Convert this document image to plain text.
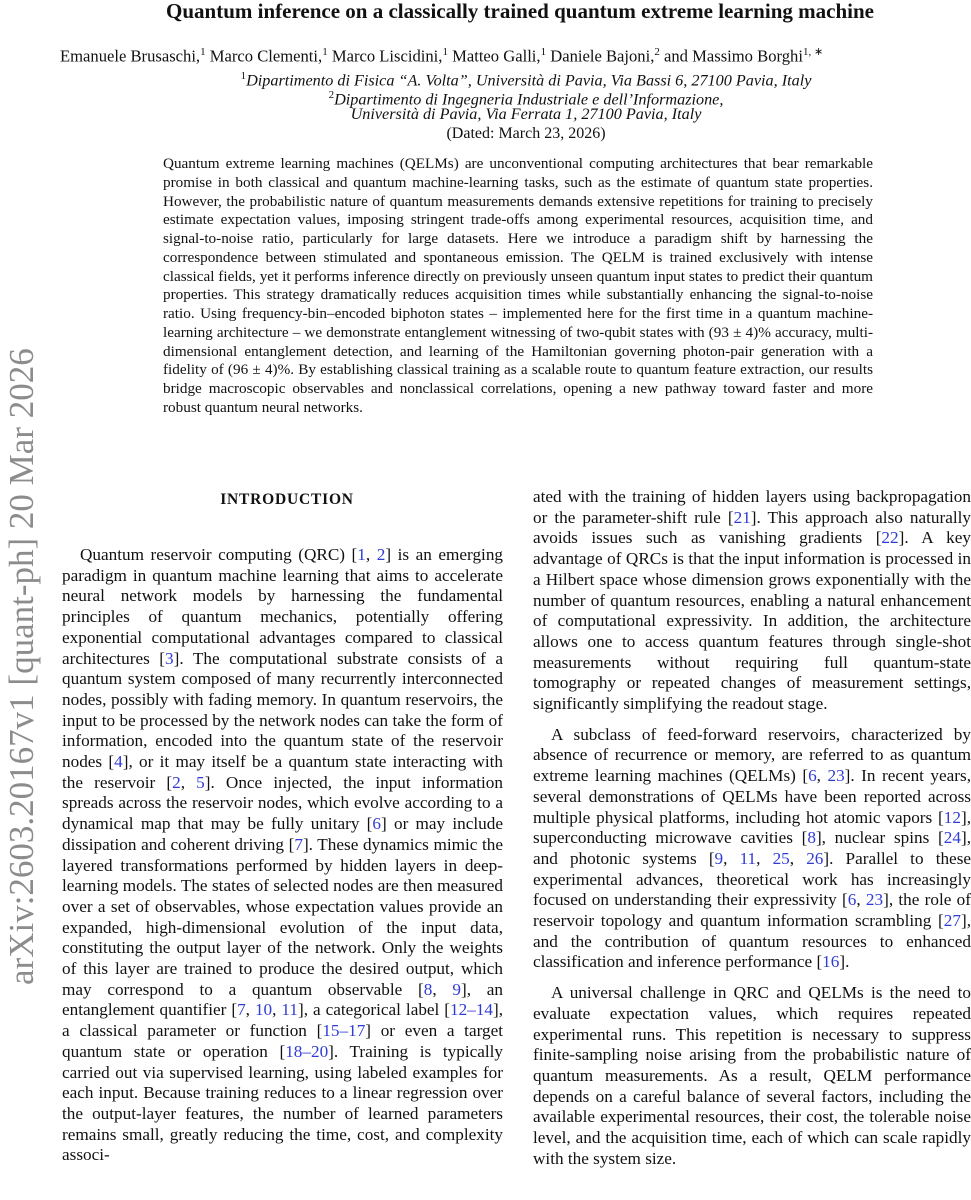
arXiv:2603.20167v1 [quant-ph] 20 Mar 2026
Quantum inference on a classically trained quantum extreme learning machine
Emanuele Brusaschi,$^1$ Marco Clementi,$^1$ Marco Liscidini,$^1$ Matteo Galli,$^1$ Daniele Bajoni,$^2$ and Massimo Borghi$^{1, ∗}$
$^1$Dipartimento di Fisica “A. Volta”, Università di Pavia, Via Bassi 6, 27100 Pavia, Italy
$^2$Dipartimento di Ingegneria Industriale e dell’Informazione,
Università di Pavia, Via Ferrata 1, 27100 Pavia, Italy
(Dated: March 23, 2026)
Quantum extreme learning machines (QELMs) are unconventional computing architectures that bear remarkable promise in both classical and quantum machine-learning tasks, such as the estimate of quantum state properties. However, the probabilistic nature of quantum measurements demands extensive repetitions for training to precisely estimate expectation values, imposing stringent trade-offs among experimental resources, acquisition time, and signal-to-noise ratio, particularly for large datasets. Here we introduce a paradigm shift by harnessing the correspondence between stimulated and spontaneous emission. The QELM is trained exclusively with intense classical fields, yet it performs inference directly on previously unseen quantum input states to predict their quantum properties. This strategy dramatically reduces acquisition times while substantially enhancing the signal-to-noise ratio. Using frequency-bin–encoded biphoton states – implemented here for the first time in a quantum machine-learning architecture – we demonstrate entanglement witnessing of two-qubit states with (93 ± 4)% accuracy, multi-dimensional entanglement detection, and learning of the Hamiltonian governing photon-pair generation with a fidelity of (96 ± 4)%. By establishing classical training as a scalable route to quantum feature extraction, our results bridge macroscopic observables and nonclassical correlations, opening a new pathway toward faster and more robust quantum neural networks.
INTRODUCTION

Quantum reservoir computing (QRC) [1, 2] is an emerging paradigm in quantum machine learning that aims to accelerate neural network models by harnessing the fundamental principles of quantum mechanics, potentially offering exponential computational advantages compared to classical architectures [3]. The computational substrate consists of a quantum system composed of many recurrently interconnected nodes, possibly with fading memory. In quantum reservoirs, the input to be processed by the network nodes can take the form of information, encoded into the quantum state of the reservoir nodes [4], or it may itself be a quantum state interacting with the reservoir [2, 5]. Once injected, the input information spreads across the reservoir nodes, which evolve according to a dynamical map that may be fully unitary [6] or may include dissipation and coherent driving [7]. These dynamics mimic the layered transformations performed by hidden layers in deep-learning models. The states of selected nodes are then measured over a set of observables, whose expectation values provide an expanded, high-dimensional evolution of the input data, constituting the output layer of the network. Only the weights of this layer are trained to produce the desired output, which may correspond to a quantum observable [8, 9], an entanglement quantifier [7, 10, 11], a categorical label [12–14], a classical parameter or function [15–17] or even a target quantum state or operation [18–20]. Training is typically carried out via supervised learning, using labeled examples for each input. Because training reduces to a linear regression over the output-layer features, the number of learned parameters remains small, greatly reducing the time, cost, and complexity associ-

ated with the training of hidden layers using backpropagation or the parameter-shift rule [21]. This approach also naturally avoids issues such as vanishing gradients [22]. A key advantage of QRCs is that the input information is processed in a Hilbert space whose dimension grows exponentially with the number of quantum resources, enabling a natural enhancement of computational expressivity. In addition, the architecture allows one to access quantum features through single-shot measurements without requiring full quantum-state tomography or repeated changes of measurement settings, significantly simplifying the readout stage.

A subclass of feed-forward reservoirs, characterized by absence of recurrence or memory, are referred to as quantum extreme learning machines (QELMs) [6, 23]. In recent years, several demonstrations of QELMs have been reported across multiple physical platforms, including hot atomic vapors [12], superconducting microwave cavities [8], nuclear spins [24], and photonic systems [9, 11, 25, 26]. Parallel to these experimental advances, theoretical work has increasingly focused on understanding their expressivity [6, 23], the role of reservoir topology and quantum information scrambling [27], and the contribution of quantum resources to enhanced classification and inference performance [16].

A universal challenge in QRC and QELMs is the need to evaluate expectation values, which requires repeated experimental runs. This repetition is necessary to suppress finite-sampling noise arising from the probabilistic nature of quantum measurements. As a result, QELM performance depends on a careful balance of several factors, including the available experimental resources, their cost, the tolerable noise level, and the acquisition time, each of which can scale rapidly with the system size.
